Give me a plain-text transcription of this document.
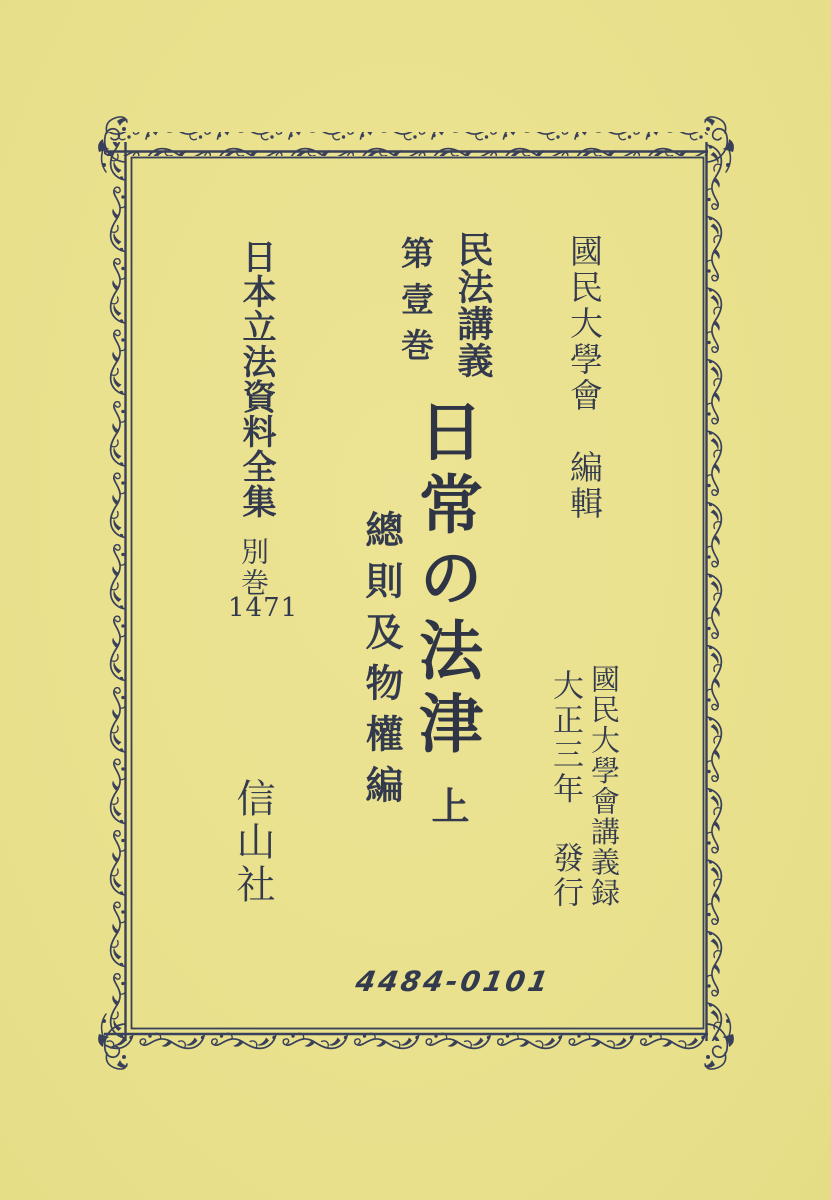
日本立法資料全集
別巻
1471
國民大學會　編輯
民法講義
第壹巻
日常の法津
上
總則及物權編
信山社	國民大學會講義録
大正三年　發行
4484-0101
